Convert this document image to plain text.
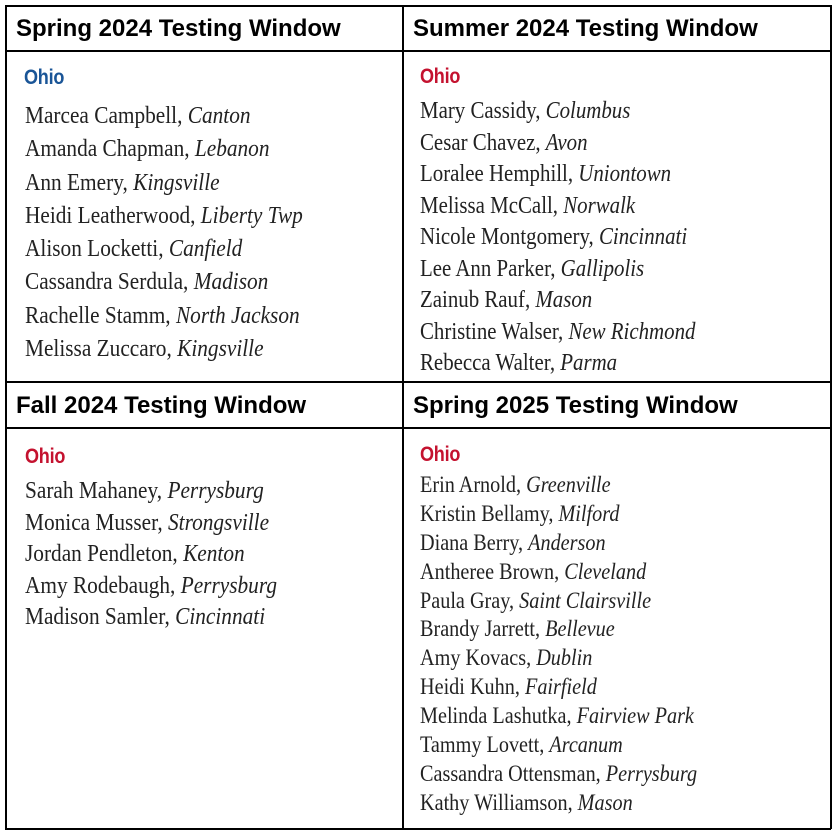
Spring 2024 Testing Window
Ohio
Marcea Campbell, Canton
Amanda Chapman, Lebanon
Ann Emery, Kingsville
Heidi Leatherwood, Liberty Twp
Alison Locketti, Canfield
Cassandra Serdula, Madison
Rachelle Stamm, North Jackson
Melissa Zuccaro, Kingsville
Summer 2024 Testing Window
Ohio
Mary Cassidy, Columbus
Cesar Chavez, Avon
Loralee Hemphill, Uniontown
Melissa McCall, Norwalk
Nicole Montgomery, Cincinnati
Lee Ann Parker, Gallipolis
Zainub Rauf, Mason
Christine Walser, New Richmond
Rebecca Walter, Parma
Fall 2024 Testing Window
Ohio
Sarah Mahaney, Perrysburg
Monica Musser, Strongsville
Jordan Pendleton, Kenton
Amy Rodebaugh, Perrysburg
Madison Samler, Cincinnati
Spring 2025 Testing Window
Ohio
Erin Arnold, Greenville
Kristin Bellamy, Milford
Diana Berry, Anderson
Antheree Brown, Cleveland
Paula Gray, Saint Clairsville
Brandy Jarrett, Bellevue
Amy Kovacs, Dublin
Heidi Kuhn, Fairfield
Melinda Lashutka, Fairview Park
Tammy Lovett, Arcanum
Cassandra Ottensman, Perrysburg
Kathy Williamson, Mason
